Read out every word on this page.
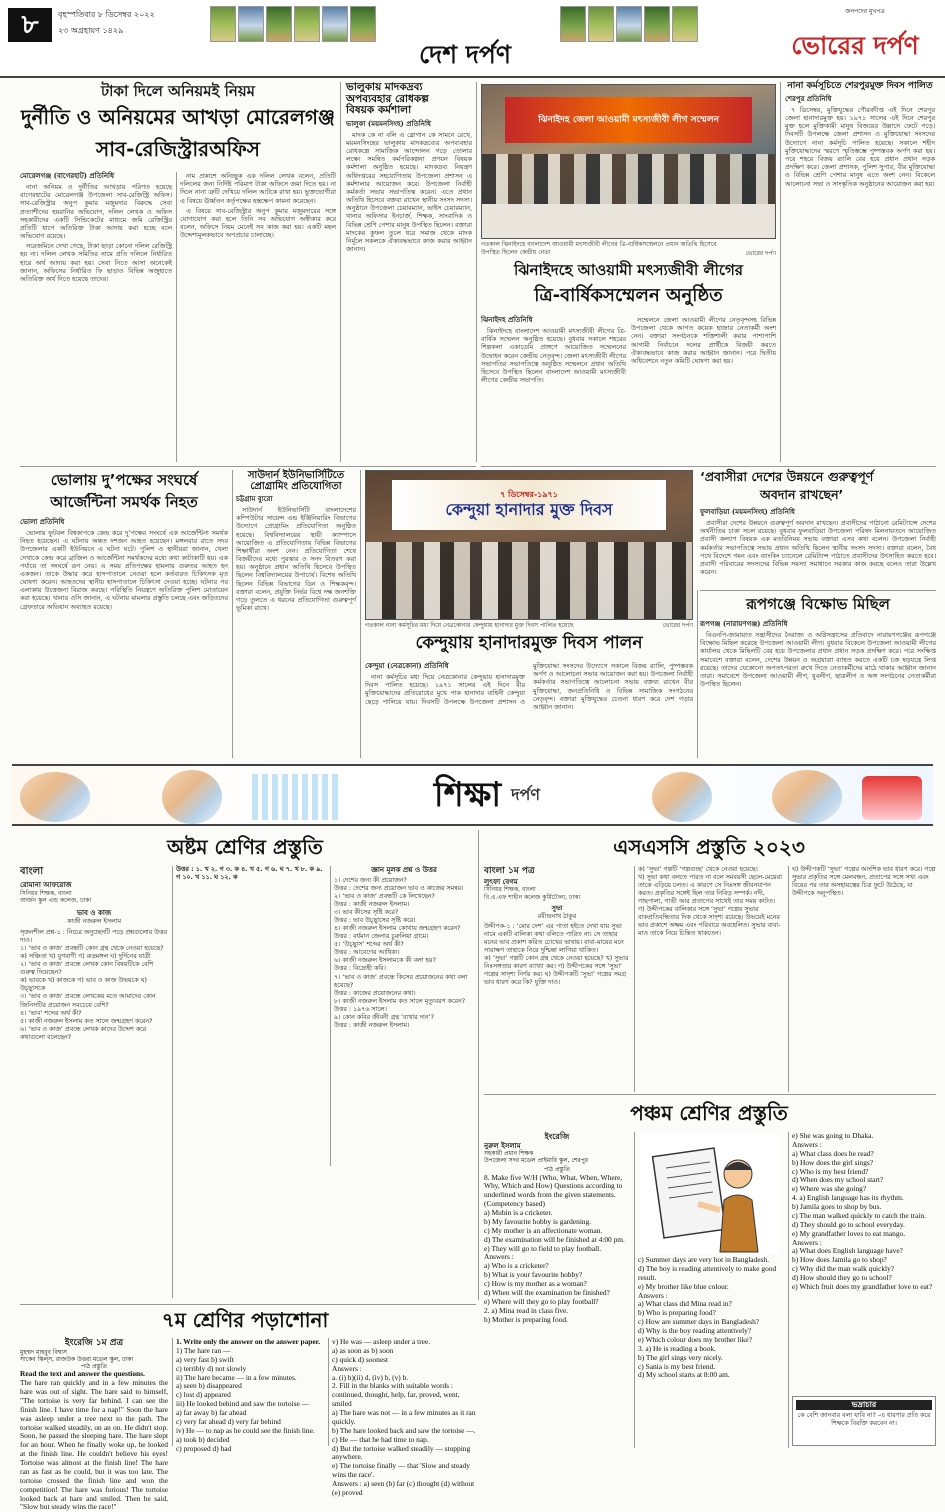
৮	বৃহস্পতিবার ৮ ডিসেম্বর ২০২২
২৩ অগ্রহায়ণ ১৪২৯
দেশ দর্পণ
জনপদের মুখপত্র
ভোরের দর্পণ
টাকা দিলে অনিয়মই নিয়ম
দুর্নীতি ও অনিয়মের আখড়া মোরেলগঞ্জ
সাব-রেজিস্ট্রারঅফিস
মোরেলগঞ্জ (বাগেরহাট) প্রতিনিধি

নানা অনিয়ম ও দুর্নীতির আখড়ায় পরিণত হয়েছে বাগেরহাটের মোরেলগঞ্জ উপজেলা সাব-রেজিস্ট্রি অফিস। সাব-রেজিস্ট্রার অনুপ কুমার মজুমদার বিরুদ্ধে সেবা প্রত্যাশীদের হয়রানির অভিযোগ, দলিল লেখক ও অফিস সহকারীদের একটি সিন্ডিকেটের মাধ্যমে জমি রেজিস্ট্রির প্রতিটি ধাপে অতিরিক্ত টাকা আদায় করা হচ্ছে বলে অভিযোগ রয়েছে।

সরেজমিনে দেখা গেছে, টাকা ছাড়া কোনো দলিল রেজিস্ট্রি হয় না। দলিল লেখক সমিতির নামে প্রতি দলিলে নির্ধারিত হারে অর্থ আদায় করা হয়। সেবা নিতে আসা অনেকেই জানান, অফিসের নির্ধারিত ফি ছাড়াও বিভিন্ন অজুহাতে অতিরিক্ত অর্থ দিতে হয়েছে তাদের।

নাম প্রকাশে অনিচ্ছুক এক দলিল লেখক বলেন, প্রতিটি দলিলের জন্য নির্দিষ্ট পরিমাণ টাকা অফিসে জমা দিতে হয়। না দিলে নানা ত্রুটি দেখিয়ে দলিল আটকে রাখা হয়। ভুক্তভোগীরা এ বিষয়ে ঊর্ধ্বতন কর্তৃপক্ষের হস্তক্ষেপ কামনা করেছেন।

এ বিষয়ে সাব-রেজিস্ট্রার অনুপ কুমার মজুমদারের সঙ্গে যোগাযোগ করা হলে তিনি সব অভিযোগ অস্বীকার করে বলেন, অফিসে নিয়ম মেনেই সব কাজ করা হয়। একটি মহল উদ্দেশ্যমূলকভাবে অপপ্রচার চালাচ্ছে।

ভালুকায় মাদকদ্রব্য
অপব্যবহার রোধকল্প
বিষয়ক কর্মশালা
ভালুকা (ময়মনসিংহ) প্রতিনিধি

মাদক কে না বলি এ স্লোগান কে সামনে রেখে, ময়মনসিংহের ভালুকায় মাদকদ্রব্যের অপব্যবহার রোধকল্পে সামাজিক আন্দোলন গড়ে তোলার লক্ষ্যে সমন্বিত কর্মপরিকল্পনা প্রণয়ন বিষয়ক কর্মশালা অনুষ্ঠিত হয়েছে। মাদকদ্রব্য নিয়ন্ত্রণ অধিদপ্তরের সহযোগিতায় উপজেলা প্রশাসন এ কর্মশালার আয়োজন করে। উপজেলা নির্বাহী কর্মকর্তা সভায় সভাপতিত্ব করেন। এতে প্রধান অতিথি হিসেবে বক্তব্য রাখেন স্থানীয় সংসদ সদস্য। অনুষ্ঠানে উপজেলা চেয়ারম্যান, ভাইস চেয়ারম্যান, থানার অফিসার ইনচার্জ, শিক্ষক, সাংবাদিক ও বিভিন্ন শ্রেণি পেশার মানুষ উপস্থিত ছিলেন। বক্তারা মাদকের কুফল তুলে ধরে সমাজ থেকে মাদক নির্মূলে সকলকে ঐক্যবদ্ধভাবে কাজ করার আহ্বান জানান।

ঝিনাইদহ জেলা আওয়ামী মৎস্যজীবী লীগ সম্মেলন
গতকাল ঝিনাইদহে বাংলাদেশ আওয়ামী মৎস্যজীবী লীগের ত্রি-বার্ষিকসম্মেলনে প্রধান অতিথি হিসেবে উপস্থিত ছিলেন কেন্দ্রীয় নেতা	ভোরের দর্পণ
ঝিনাইদহে আওয়ামী মৎস্যজীবী লীগের
ত্রি-বার্ষিকসম্মেলন অনুষ্ঠিত
ঝিনাইদহ প্রতিনিধি

ঝিনাইদহে বাংলাদেশ আওয়ামী মৎস্যজীবী লীগের ত্রি-বার্ষিক সম্মেলন অনুষ্ঠিত হয়েছে। বুধবার সকালে শহরের শিল্পকলা একাডেমি প্রাঙ্গণে আয়োজিত সম্মেলনের উদ্বোধন করেন কেন্দ্রীয় নেতৃবৃন্দ। জেলা মৎস্যজীবী লীগের সভাপতির সভাপতিত্বে অনুষ্ঠিত সম্মেলনে প্রধান অতিথি হিসেবে উপস্থিত ছিলেন বাংলাদেশ আওয়ামী মৎস্যজীবী লীগের কেন্দ্রীয় সভাপতি।

সম্মেলনে জেলা আওয়ামী লীগের নেতৃবৃন্দসহ বিভিন্ন উপজেলা থেকে আগত কয়েক হাজার নেতাকর্মী অংশ নেন। বক্তারা সংগঠনকে শক্তিশালী করার পাশাপাশি আগামী নির্বাচনে দলের প্রার্থীকে বিজয়ী করতে ঐক্যবদ্ধভাবে কাজ করার আহ্বান জানান। পরে দ্বিতীয় অধিবেশনে নতুন কমিটি ঘোষণা করা হয়।

নানা কর্মসূচিতে শেরপুরমুক্ত দিবস পালিত
শেরপুর প্রতিনিধি

৭ ডিসেম্বর, মুক্তিযুদ্ধের গৌরবদীপ্ত এই দিনে শেরপুর জেলা হানাদারমুক্ত হয়। ১৯৭১ সালের এই দিনে শেরপুর মুক্ত হলে মুক্তিকামী মানুষ বিজয়ের উল্লাসে ফেটে পড়ে। দিবসটি উপলক্ষে জেলা প্রশাসন ও মুক্তিযোদ্ধা সংসদের উদ্যোগে নানা কর্মসূচি পালিত হয়েছে। সকালে শহীদ মুক্তিযোদ্ধাদের স্মরণে স্মৃতিস্তম্ভে পুষ্পস্তবক অর্পণ করা হয়। পরে শহরে বিজয় র‌্যালি বের হয়ে প্রধান প্রধান সড়ক প্রদক্ষিণ করে। জেলা প্রশাসক, পুলিশ সুপার, বীর মুক্তিযোদ্ধা ও বিভিন্ন শ্রেণি পেশার মানুষ এতে অংশ নেন। বিকেলে আলোচনা সভা ও সাংস্কৃতিক অনুষ্ঠানের আয়োজন করা হয়।

‘প্রবাসীরা দেশের উন্নয়নে গুরুত্বপূর্ণ
অবদান রাখছেন’
ফুলবাড়িয়া (ময়মনসিংহ) প্রতিনিধি

প্রবাসীরা দেশের উন্নয়নে গুরুত্বপূর্ণ অবদান রাখছেন। প্রবাসীদের পাঠানো রেমিট্যান্সে দেশের অর্থনীতির চাকা সচল রয়েছে। বুধবার ফুলবাড়িয়া উপজেলা পরিষদ মিলনায়তনে আয়োজিত প্রবাসী কল্যাণ বিষয়ক এক মতবিনিময় সভায় বক্তারা এসব কথা বলেন। উপজেলা নির্বাহী কর্মকর্তার সভাপতিত্বে সভায় প্রধান অতিথি ছিলেন স্থানীয় সংসদ সদস্য। বক্তারা বলেন, বৈধ পথে বিদেশে গমন এবং ব্যাংকিং চ্যানেলে রেমিট্যান্স পাঠাতে প্রবাসীদের উৎসাহিত করতে হবে। প্রবাসী পরিবারের সদস্যদের বিভিন্ন সমস্যা সমাধানে সরকার কাজ করছে বলেও তারা উল্লেখ করেন।

ভোলায় দু’পক্ষের সংঘর্ষে
আর্জেন্টিনা সমর্থক নিহত
ভোলা প্রতিনিধি

ভোলায় ফুটবল বিশ্বকাপকে কেন্দ্র করে দু’পক্ষের সংঘর্ষে এক আর্জেন্টিনা সমর্থক নিহত হয়েছেন। এ ঘটনায় অন্তত দশজন আহত হয়েছেন। মঙ্গলবার রাতে সদর উপজেলার একটি ইউনিয়নে এ ঘটনা ঘটে। পুলিশ ও স্থানীয়রা জানান, খেলা দেখাকে কেন্দ্র করে ব্রাজিল ও আর্জেন্টিনা সমর্থকদের মধ্যে কথা কাটাকাটি হয়। এক পর্যায়ে তা সংঘর্ষে রূপ নেয়। এ সময় প্রতিপক্ষের হামলায় গুরুতর আহত হন একজন। তাকে উদ্ধার করে হাসপাতালে নেওয়া হলে কর্তব্যরত চিকিৎসক মৃত ঘোষণা করেন। আহতদের স্থানীয় হাসপাতালে চিকিৎসা দেওয়া হচ্ছে। ঘটনার পর এলাকায় উত্তেজনা বিরাজ করছে। পরিস্থিতি নিয়ন্ত্রণে অতিরিক্ত পুলিশ মোতায়েন করা হয়েছে। থানার ওসি জানান, এ ঘটনায় মামলার প্রস্তুতি চলছে এবং জড়িতদের গ্রেফতারে অভিযান অব্যাহত রয়েছে।

সাউদার্ন ইউনিভার্সিটিতে
প্রোগ্রামিং প্রতিযোগিতা
চট্টগ্রাম ব্যুরো

সাউদার্ন ইউনিভার্সিটি বাংলাদেশের কম্পিউটার সায়েন্স এন্ড ইঞ্জিনিয়ারিং বিভাগের উদ্যোগে প্রোগ্রামিং প্রতিযোগিতা অনুষ্ঠিত হয়েছে। বিশ্ববিদ্যালয়ের স্থায়ী ক্যাম্পাসে আয়োজিত এ প্রতিযোগিতায় বিভিন্ন বিভাগের শিক্ষার্থীরা অংশ নেন। প্রতিযোগিতা শেষে বিজয়ীদের মধ্যে পুরস্কার ও সনদ বিতরণ করা হয়। অনুষ্ঠানে প্রধান অতিথি হিসেবে উপস্থিত ছিলেন বিশ্ববিদ্যালয়ের উপাচার্য। বিশেষ অতিথি ছিলেন বিভিন্ন বিভাগের ডিন ও শিক্ষকবৃন্দ। বক্তারা বলেন, প্রযুক্তি নির্ভর বিশ্বে দক্ষ জনশক্তি গড়ে তুলতে এ ধরনের প্রতিযোগিতা গুরুত্বপূর্ণ ভূমিকা রাখে।

৭ ডিসেম্বর-১৯৭১
কেন্দুয়া হানাদার মুক্ত দিবস
গতকাল নানা কর্মসূচির মধ্য দিয়ে নেত্রকোনার কেন্দুয়ায় হানাদার মুক্ত দিবস পালিত হয়েছে	ভোরের দর্পণ
কেন্দুয়ায় হানাদারমুক্ত দিবস পালন
কেন্দুয়া (নেত্রকোনা) প্রতিনিধি

নানা কর্মসূচির মধ্য দিয়ে নেত্রকোনার কেন্দুয়ায় হানাদারমুক্ত দিবস পালিত হয়েছে। ১৯৭১ সালের এই দিনে বীর মুক্তিযোদ্ধাদের প্রতিরোধের মুখে পাক হানাদার বাহিনী কেন্দুয়া ছেড়ে পালিয়ে যায়। দিবসটি উপলক্ষে উপজেলা প্রশাসন ও মুক্তিযোদ্ধা সংসদের উদ্যোগে সকালে বিজয় র‌্যালি, পুষ্পস্তবক অর্পণ ও আলোচনা সভার আয়োজন করা হয়। উপজেলা নির্বাহী কর্মকর্তার সভাপতিত্বে আলোচনা সভায় বক্তব্য রাখেন বীর মুক্তিযোদ্ধা, জনপ্রতিনিধি ও বিভিন্ন সামাজিক সংগঠনের নেতৃবৃন্দ। বক্তারা মুক্তিযুদ্ধের চেতনা ধারণ করে দেশ গড়ার আহ্বান জানান।

রূপগঞ্জে বিক্ষোভ মিছিল
রূপগঞ্জ (নারায়ণগঞ্জ) প্রতিনিধি

বিএনপি-জামায়াত সন্ত্রাসীদের নৈরাজ্য ও অগ্নিসন্ত্রাসের প্রতিবাদে নারায়ণগঞ্জের রূপগঞ্জে বিক্ষোভ মিছিল করেছে উপজেলা আওয়ামী লীগ। বুধবার বিকেলে উপজেলা আওয়ামী লীগের কার্যালয় থেকে মিছিলটি বের হয়ে উপজেলার প্রধান প্রধান সড়ক প্রদক্ষিণ করে। পরে সংক্ষিপ্ত সমাবেশে বক্তারা বলেন, দেশের উন্নয়ন ও অগ্রযাত্রা ব্যাহত করতে একটি চক্র ষড়যন্ত্রে লিপ্ত রয়েছে। তাদের যেকোনো অপতৎপরতা রুখে দিতে নেতাকর্মীদের মাঠে থাকার আহ্বান জানান তারা। সমাবেশে উপজেলা আওয়ামী লীগ, যুবলীগ, ছাত্রলীগ ও অঙ্গ সংগঠনের নেতাকর্মীরা উপস্থিত ছিলেন।

শিক্ষা দর্পণ
অষ্টম শ্রেণির প্রস্তুতি
বাংলা
রোমানা আফরোজ
সিনিয়র শিক্ষক, বাংলা
আর্জন স্কুল এন্ড কলেজ, ঢাকা
ভাব ও কাজ
কাজী নজরুল ইসলাম
সৃজনশীল প্রশ্ন-১ : নিচের অনুচ্ছেদটি পড়ে প্রশ্নগুলোর উত্তর দাও।
১। ‘ভাব ও কাজ’ প্রবন্ধটি কোন গ্রন্থ থেকে নেওয়া হয়েছে?
ক) সঞ্চিতা খ) যুগবাণী গ) রুদ্রমঙ্গল ঘ) দুর্দিনের যাত্রী
২। ‘ভাব ও কাজ’ প্রবন্ধে লেখক কোন বিষয়টিকে বেশি গুরুত্ব দিয়েছেন?
ক) ভাবকে খ) কাজকে গ) ভাব ও কাজ উভয়কে ঘ) উচ্ছ্বাসকে
৩। ‘ভাব ও কাজ’ প্রবন্ধে লেখকের মতে আমাদের কোন জিনিসটির প্রয়োজন সবচেয়ে বেশি?
৪। ‘ভাব’ শব্দের অর্থ কী?
৫। কাজী নজরুল ইসলাম কত সালে জন্মগ্রহণ করেন?
৬। ‘ভাব ও কাজ’ প্রবন্ধে লেখক কাদের উদ্দেশ করে কথাগুলো বলেছেন?
উত্তর : ১. খ ২. গ ৩. ক ৪. খ ৫. গ ৬. ঘ ৭. খ ৮. ক ৯. গ ১০. খ ১১. ঘ ১২. ক
জ্ঞান মূলক প্রশ্ন ও উত্তর
১। দেশের জন্য কী প্রয়োজন?
উত্তর : দেশের জন্য প্রয়োজন ভাব ও কাজের সমন্বয়।
২। ‘ভাব ও কাজ’ প্রবন্ধটি কে লিখেছেন?
উত্তর : কাজী নজরুল ইসলাম।
৩। ভাব কীসের সৃষ্টি করে?
উত্তর : ভাব উচ্ছ্বাসের সৃষ্টি করে।
৪। কাজী নজরুল ইসলাম কোথায় জন্মগ্রহণ করেন?
উত্তর : বর্ধমান জেলার চুরুলিয়া গ্রামে।
৫। ‘উচ্ছ্বাস’ শব্দের অর্থ কী?
উত্তর : আবেগের আধিক্য।
৬। কাজী নজরুল ইসলামকে কী বলা হয়?
উত্তর : বিদ্রোহী কবি।
৭। ‘ভাব ও কাজ’ প্রবন্ধে কিসের প্রয়োজনের কথা বলা হয়েছে?
উত্তর : কাজের প্রয়োজনের কথা।
৮। কাজী নজরুল ইসলাম কত সালে মৃত্যুবরণ করেন?
উত্তর : ১৯৭৬ সালে।
৯। কোন কবির জীবনী গ্রন্থ ‘ব্যথার দান’?
উত্তর : কাজী নজরুল ইসলাম।
এসএসসি প্রস্তুতি ২০২৩
বাংলা ১ম পত্র
লুৎফা বেগম
সিনিয়র শিক্ষক, বাংলা
বি.এ.এফ শাহীন কলেজ কুর্মিটোলা, ঢাকা
সুভা
রবীন্দ্রনাথ ঠাকুর
উদ্দীপক-১ : ‘মোর দেশ’ এর পাতা হইতে দেখা যায় সুভা নামে একটি বালিকা কথা বলিতে পারিত না। সে তাহার মনের ভাব প্রকাশ করিত চোখের ভাষায়। বাবা-মায়ের মনে সারাক্ষণ তাহাকে নিয়ে দুশ্চিন্তা লাগিয়া থাকিত।
ক) ‘সুভা’ গল্পটি কোন গ্রন্থ থেকে নেওয়া হয়েছে? খ) সুভার নিঃসঙ্গতার কারণ ব্যাখ্যা কর। গ) উদ্দীপকের সঙ্গে ‘সুভা’ গল্পের সাদৃশ্য নির্ণয় কর। ঘ) উদ্দীপকটি ‘সুভা’ গল্পের সমগ্র ভাব ধারণ করে কি? যুক্তি দাও।
ক) ‘সুভা’ গল্পটি ‘গল্পগুচ্ছ’ থেকে নেওয়া হয়েছে।
খ) সুভা কথা বলতে পারত না বলে সমবয়সী ছেলে-মেয়েরা তাকে এড়িয়ে চলত। এ কারণে সে নিঃসঙ্গ জীবনযাপন করত। প্রকৃতির সঙ্গেই ছিল তার নিবিড় সম্পর্ক। নদী, গাছপালা, গাভী আর প্রতাপের সাথেই তার সময় কাটত।
গ) উদ্দীপকের বালিকার সঙ্গে ‘সুভা’ গল্পের সুভার বাকপ্রতিবন্ধিতার দিক থেকে সাদৃশ্য রয়েছে। উভয়েই মনের ভাব প্রকাশে অক্ষম এবং পরিবারে অবহেলিত। সুভার বাবা-মাও তাকে নিয়ে চিন্তিত থাকতেন।
ঘ) উদ্দীপকটি ‘সুভা’ গল্পের আংশিক ভাব ধারণ করে। গল্পে সুভার প্রকৃতির সঙ্গে মেলবন্ধন, প্রতাপের সঙ্গে সখ্য এবং বিয়ের পর তার অসহায়ত্বের চিত্র ফুটে উঠেছে, যা উদ্দীপকে অনুপস্থিত।
৭ম শ্রেণির পড়াশোনা
ইংরেজি ১ম প্রত্র
মুহম্মদ মাহবুব বিশ্বাস
সাকেব স্কিল্‌স, রাজউক উত্তরা মডেল স্কুল, ঢাকা
পাঠ প্রস্তুতি
Read the text and answer the questions.
The hare ran quickly and in a few minutes the hare was out of sight. The hare said to himself, "The tortoise is very far behind. I can see the finish line. I have time for a nap!" Soon the hare was asleep under a tree next to the path. The tortoise walked steadily, on an on. He didn't stop. Soon, he passed the sleeping hare. The hare slept for an hour. When he finally woke up, he looked at the finish line. He couldn't believe his eyes! Tortoise was almost at the finish line! The hare ran as fast as he could, but it was too late. The tortoise crossed the finish line and won the competition! The hare was furious! The tortoise looked back at hare and smiled. Then he said, "Slow but steady wins the race!"
1. Write only the answer on the answer paper.
1) The hare ran —
a) very fast b) swift
c) terribly d) not slowly
ii) The hare became — in a few minutes.
a) seen b) disappeared
c) lost d) appeared
iii) He looked behind and saw the tortoise —
a) far away b) far ahead
c) very far ahead d) very far behind
iv) He — to nap as he could see the finish line.
a) took b) decided
c) proposed d) had
v) He was — asleep under a tree.
a) as soon as b) soon
c) quick d) soonest
Answers :
a. (i) b)(ii) d, (iv) b, (v) b.
2. Fill in the blanks with suitable words : continued, thought, help, far, proved, went, smiled
a) The hare was not — in a few minutes as it ran quickly.
b) The hare looked back and saw the tortoise —.
c) He — that he had time to nap.
d) But the tortoise walked steadily — stopping anywhere.
e) The tortoise finally — that 'Slow and steady wins the race'.
Answers : a) seen (b) far (c) thought (d) without (e) proved
পঞ্চম শ্রেণির প্রস্তুতি
ইংরেজি
নুরুল ইসলাম
সহকারী প্রধান শিক্ষক
উপজেলা সদর মডেল প্রাইমারি স্কুল, শেরপুর
পাঠ প্রস্তুতি
8. Make five W/H (Who, What, When, Where, Why, Which and How) Questions according to underlined words from the given statements. (Competency based)
a) Mubin is a cricketer.
b) My favourite hobby is gardening.
c) My mother is an affectionate woman.
d) The examination will be finished at 4:00 pm.
e) They will go to field to play football.
Answers :
a) Who is a cricketer?
b) What is your favourite hobby?
c) How is my mother as a woman?
d) When will the examination be finished?
e) Where will they go to play football?
2. a) Mina read in class five.
b) Mother is preparing food.
c) Summer days are very hot in Bangladesh.
d) The boy is reading attentively to make good result.
e) My brother like blue colour.
Answers :
a) What class did Mina read in?
b) Who is preparing food?
c) How are summer days in Bangladesh?
d) Why is the boy reading attentively?
e) Which colour does my brother like?
3. a) He is reading a book.
b) The girl sings very nicely.
c) Sania is my best friend.
d) My school starts at 8:00 am.
e) She was going to Dhaka.
Answers :
a) What class does he read?
b) How does the girl sings?
c) Who is my best friend?
d) When does my school start?
e) Where was she going?
4. a) English language has its rhythm.
b) Jamila goes to shop by bus.
c) The man walked quickly to catch the train.
d) They should go to school everyday.
e) My grandfather loves to eat mango.
Answers :
a) What does English language have?
b) How does Jamila go to shop?
c) Why did the man walk quickly?
d) How should they go to school?
e) Which fruit does my grandfather love to eat?
ভদ্রাচার
কে বেশি জানবার বলা যাবি না? -এ ধারণার প্রতি করে শিক্ষকে বিরক্তি করবেন না।
